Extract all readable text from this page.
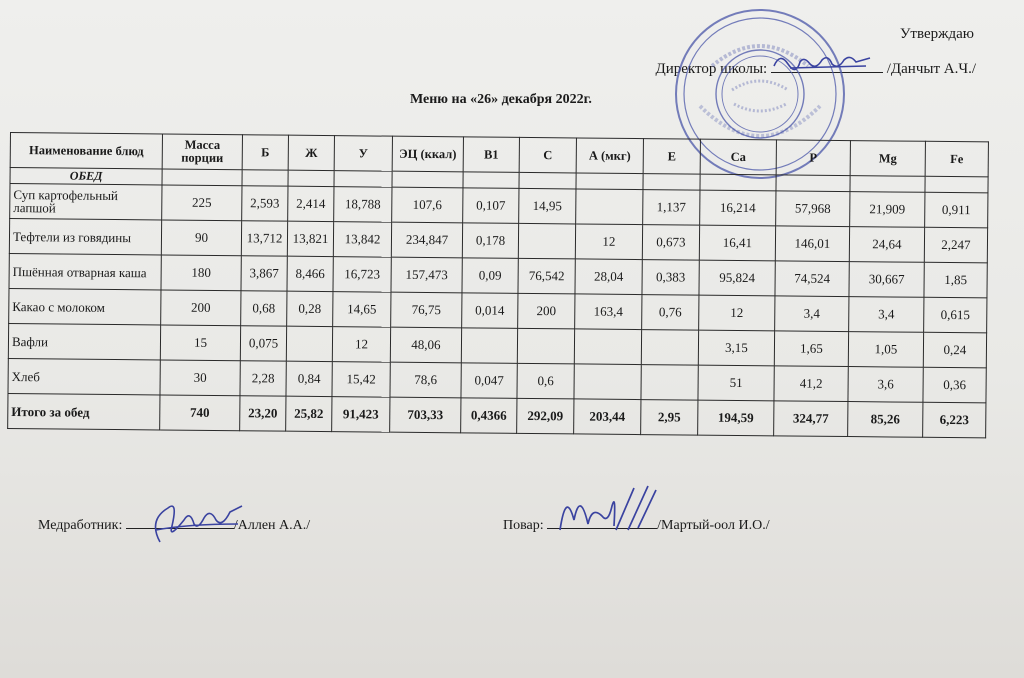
Утверждаю
Директор школы:	/Данчыт А.Ч./
Меню на «26» декабря 2022г.
Наименование блюд	Масса порции	Б	Ж	У	ЭЦ (ккал)	В1	С	А (мкг)	Е	Са	Р	Mg	Fe
ОБЕД													
Суп картофельный лапшой	225	2,593	2,414	18,788	107,6	0,107	14,95		1,137	16,214	57,968	21,909	0,911
Тефтели из говядины	90	13,712	13,821	13,842	234,847	0,178		12	0,673	16,41	146,01	24,64	2,247
Пшённая отварная каша	180	3,867	8,466	16,723	157,473	0,09	76,542	28,04	0,383	95,824	74,524	30,667	1,85
Какао с молоком	200	0,68	0,28	14,65	76,75	0,014	200	163,4	0,76	12	3,4	3,4	0,615
Вафли	15	0,075		12	48,06					3,15	1,65	1,05	0,24
Хлеб	30	2,28	0,84	15,42	78,6	0,047	0,6			51	41,2	3,6	0,36
Итого за обед	740	23,20	25,82	91,423	703,33	0,4366	292,09	203,44	2,95	194,59	324,77	85,26	6,223
Медработник:	/Аллен А.А./	Повар:	/Мартый-оол И.О./
